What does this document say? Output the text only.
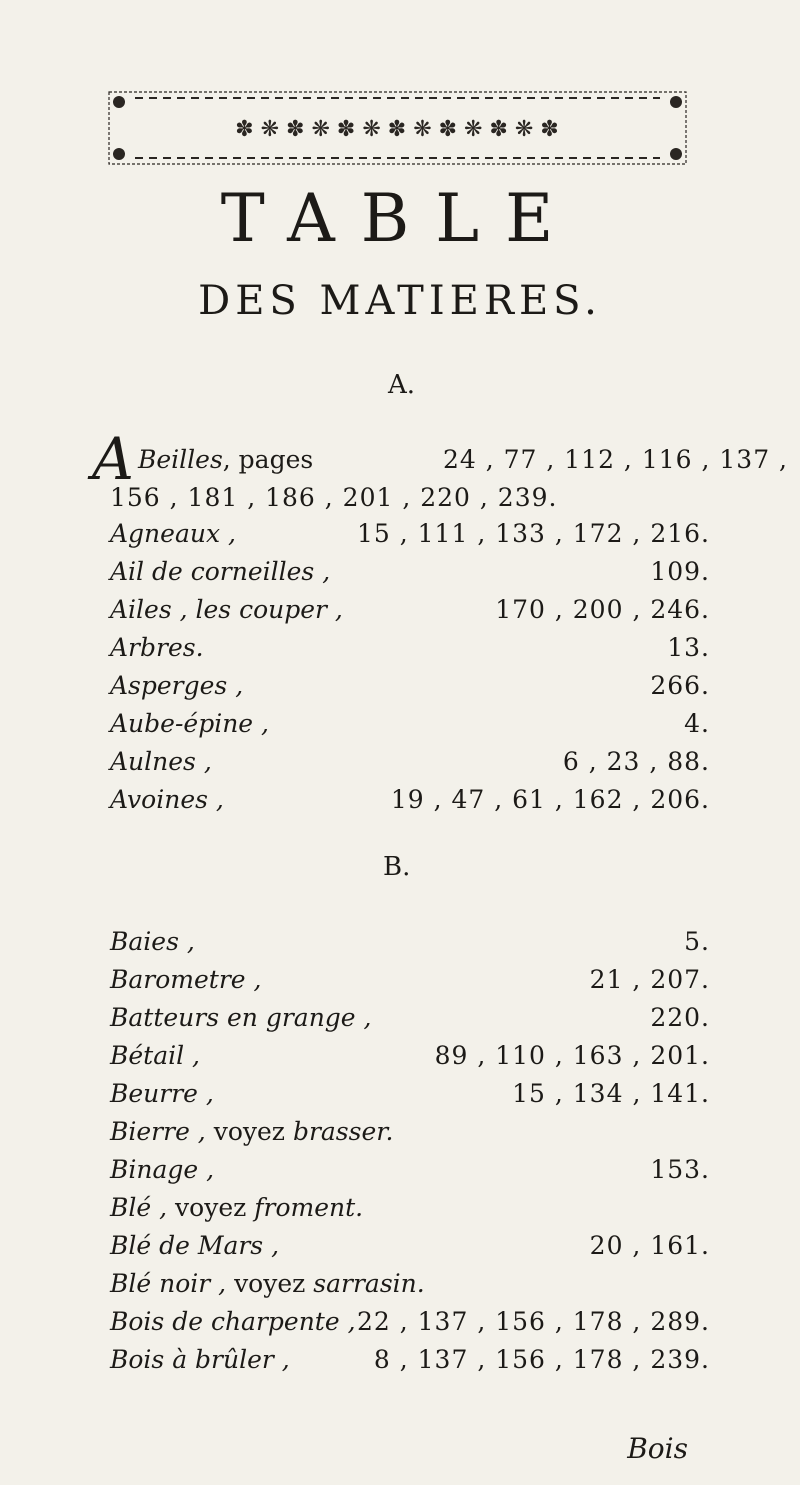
✽ ❋ ✽ ❋ ✽ ❋ ✽ ❋ ✽ ❋ ✽ ❋ ✽
TABLE
DES MATIERES.
A.
A Beilles, pages	24 , 77 , 112 , 116 , 137 ,
156 , 181 , 186 , 201 , 220 , 239.
Agneaux ,	15 , 111 , 133 , 172 , 216.
Ail de corneilles ,	109.
Ailes , les couper ,	170 , 200 , 246.
Arbres.	13.
Asperges ,	266.
Aube-épine ,	4.
Aulnes ,	6 , 23 , 88.
Avoines ,	19 , 47 , 61 , 162 , 206.
B.
Baies ,	5.
Barometre ,	21 , 207.
Batteurs en grange ,	220.
Bétail ,	89 , 110 , 163 , 201.
Beurre ,	15 , 134 , 141.
Bierre , voyez brasser.
Binage ,	153.
Blé , voyez froment.
Blé de Mars ,	20 , 161.
Blé noir , voyez sarrasin.
Bois de charpente , 22 , 137 , 156 , 178 , 289.
Bois à brûler ,	8 , 137 , 156 , 178 , 239.
Bois
